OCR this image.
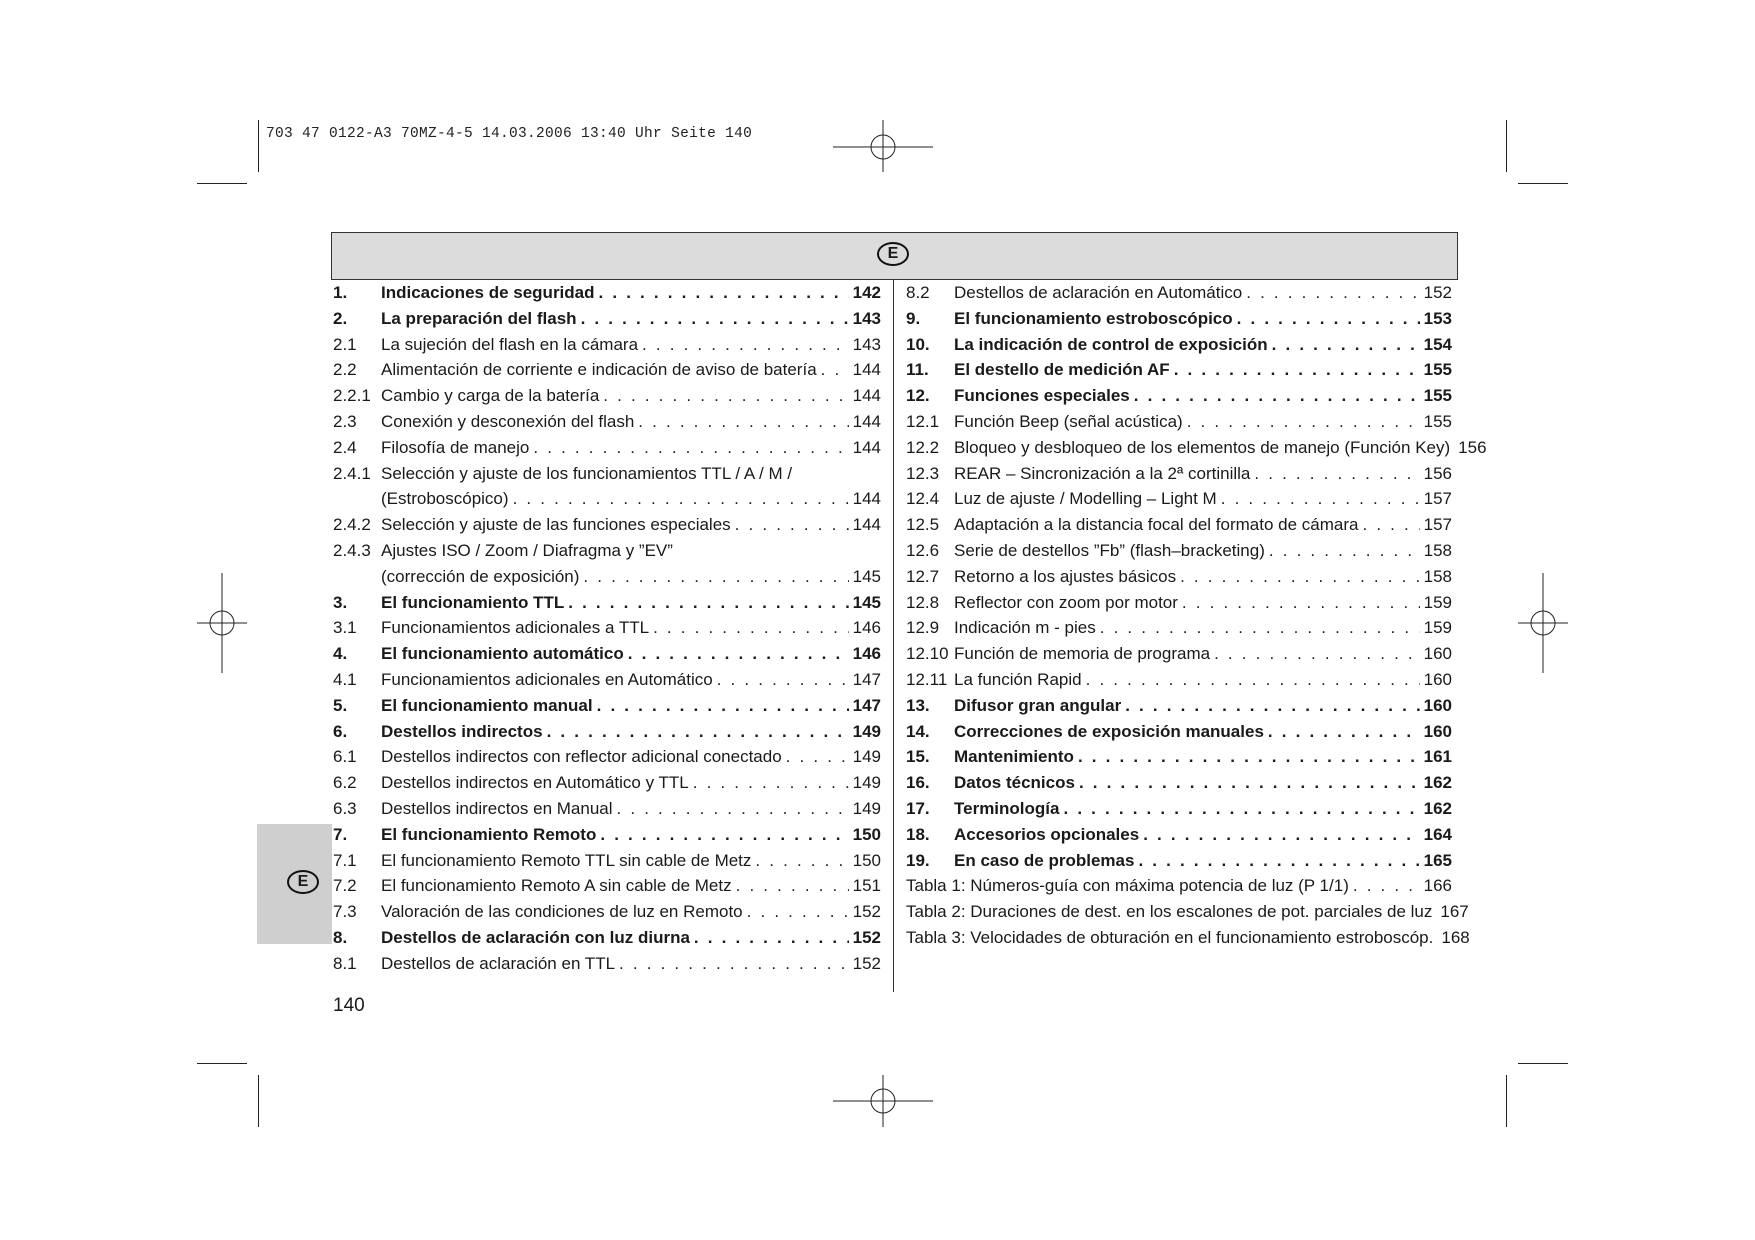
703 47 0122-A3 70MZ-4-5 14.03.2006 13:40 Uhr Seite 140
E
E
1. Indicaciones de seguridad . . .	142
2. La preparación del flash . . .	143
2.1 La sujeción del flash en la cámara . . .	143
2.2 Alimentación de corriente e indicación de aviso de batería . . . 144
2.2.1 Cambio y carga de la batería . . .	144
2.3 Conexión y desconexión del flash . . .	144
2.4 Filosofía de manejo . . .	144
2.4.1 Selección y ajuste de los funcionamientos TTL / A / M /
(Estroboscópico) . . .	144
2.4.2 Selección y ajuste de las funciones especiales . . .	144
2.4.3 Ajustes ISO / Zoom / Diafragma y ”EV”
(corrección de exposición) . . .	145
3. El funcionamiento TTL . . .	145
3.1 Funcionamientos adicionales a TTL . . .	146
4. El funcionamiento automático . . .	146
4.1 Funcionamientos adicionales en Automático . . .	147
5. El funcionamiento manual . . .	147
6. Destellos indirectos . . .	149
6.1 Destellos indirectos con reflector adicional conectado . . .	149
6.2 Destellos indirectos en Automático y TTL . . .	149
6.3 Destellos indirectos en Manual . . .	149
7. El funcionamiento Remoto . . .	150
7.1 El funcionamiento Remoto TTL sin cable de Metz . . .	150
7.2 El funcionamiento Remoto A sin cable de Metz . . .	151
7.3 Valoración de las condiciones de luz en Remoto . . .	152
8. Destellos de aclaración con luz diurna . . .	152
8.1 Destellos de aclaración en TTL . . .	152
8.2 Destellos de aclaración en Automático . . .	152
9. El funcionamiento estroboscópico . . .	153
10. La indicación de control de exposición . . .	154
11. El destello de medición AF . . .	155
12. Funciones especiales . . .	155
12.1 Función Beep (señal acústica) . . .	155
12.2 Bloqueo y desbloqueo de los elementos de manejo (Función Key) 156
12.3 REAR – Sincronización a la 2ª cortinilla . . .	156
12.4 Luz de ajuste / Modelling – Light M . . .	157
12.5 Adaptación a la distancia focal del formato de cámara . . .	157
12.6 Serie de destellos ”Fb” (flash–bracketing) . . .	158
12.7 Retorno a los ajustes básicos . . .	158
12.8 Reflector con zoom por motor . . .	159
12.9 Indicación m - pies . . .	159
12.10 Función de memoria de programa . . .	160
12.11 La función Rapid . . .	160
13. Difusor gran angular . . .	160
14. Correcciones de exposición manuales . . .	160
15. Mantenimiento . . .	161
16. Datos técnicos . . .	162
17. Terminología . . .	162
18. Accesorios opcionales . . .	164
19. En caso de problemas . . .	165
Tabla 1: Números-guía con máxima potencia de luz (P 1/1) . . .	166
Tabla 2: Duraciones de dest. en los escalones de pot. parciales de luz 167
Tabla 3: Velocidades de obturación en el funcionamiento estroboscóp. 168
140
